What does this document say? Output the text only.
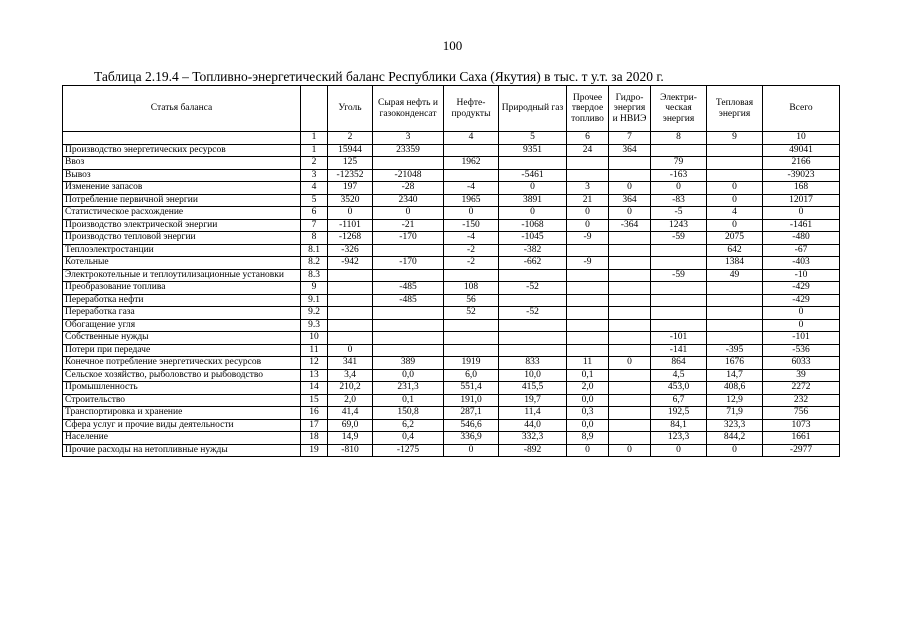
100
Таблица 2.19.4 – Топливно-энергетический баланс Республики Саха (Якутия) в тыс. т у.т. за 2020 г.
Статья баланса		Уголь	Сырая нефть и газоконденсат	Нефте-продукты	Природный газ	Прочее твердое топливо	Гидро-энергия и НВИЭ	Электри-ческая энергия	Тепловая энергия	Всего
	1	2	3	4	5	6	7	8	9	10
Производство энергетических ресурсов	1	15944	23359		9351	24	364			49041
Ввоз	2	125		1962				79		2166
Вывоз	3	-12352	-21048		-5461			-163		-39023
Изменение запасов	4	197	-28	-4	0	3	0	0	0	168
Потребление первичной энергии	5	3520	2340	1965	3891	21	364	-83	0	12017
Статистическое расхождение	6	0	0	0	0	0	0	-5	4	0
Производство электрической энергии	7	-1101	-21	-150	-1068	0	-364	1243	0	-1461
Производство тепловой энергии	8	-1268	-170	-4	-1045	-9		-59	2075	-480
Теплоэлектростанции	8.1	-326		-2	-382				642	-67
Котельные	8.2	-942	-170	-2	-662	-9			1384	-403
Электрокотельные и теплоутилизационные установки	8.3							-59	49	-10
Преобразование топлива	9		-485	108	-52					-429
Переработка нефти	9.1		-485	56						-429
Переработка газа	9.2			52	-52					0
Обогащение угля	9.3									0
Собственные нужды	10							-101		-101
Потери при передаче	11	0						-141	-395	-536
Конечное потребление энергетических ресурсов	12	341	389	1919	833	11	0	864	1676	6033
Сельское хозяйство, рыболовство и рыбоводство	13	3,4	0,0	6,0	10,0	0,1		4,5	14,7	39
Промышленность	14	210,2	231,3	551,4	415,5	2,0		453,0	408,6	2272
Строительство	15	2,0	0,1	191,0	19,7	0,0		6,7	12,9	232
Транспортировка и хранение	16	41,4	150,8	287,1	11,4	0,3		192,5	71,9	756
Сфера услуг и прочие виды деятельности	17	69,0	6,2	546,6	44,0	0,0		84,1	323,3	1073
Население	18	14,9	0,4	336,9	332,3	8,9		123,3	844,2	1661
Прочие расходы на нетопливные нужды	19	-810	-1275	0	-892	0	0	0	0	-2977
